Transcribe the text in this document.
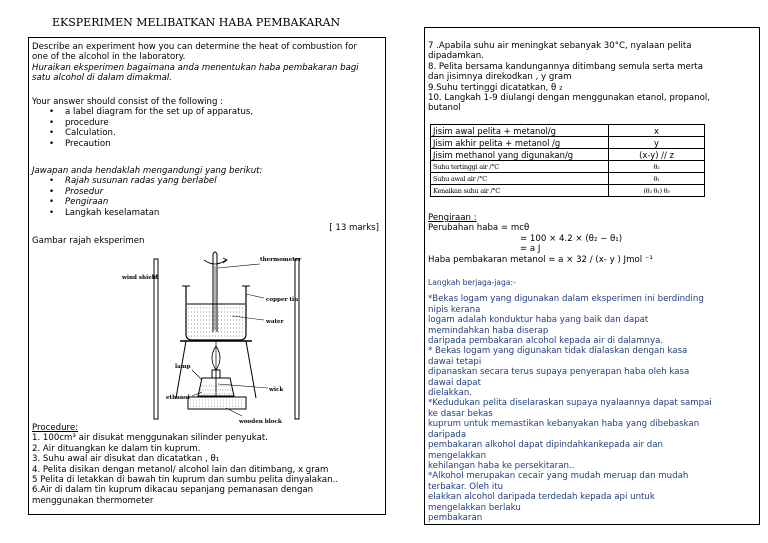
EKSPERIMEN MELIBATKAN HABA PEMBAKARAN
Describe an experiment how you can determine the heat of combustion for
one of the alcohol in the laboratory.
Huraikan eksperimen bagaimana anda menentukan haba pembakaran bagi
satu alcohol di dalam dimakmal.
Your answer should consist of the following :
• a label diagram for the set up of apparatus,
• procedure
• Calculation.
• Precaution
Jawapan anda hendaklah mengandungi yang berikut:
• Rajah susunan radas yang berlabel
• Prosedur
• Pengiraan
• Langkah keselamatan
[ 13 marks]
Gambar rajah eksperimen
thermometer
wind shield
copper tin
water
lamp
wick
ethanol
wooden block
Procedure:
1. 100cm³ air disukat menggunakan silinder penyukat.
2. Air dituangkan ke dalam tin kuprum.
3. Suhu awal air disukat dan dicatatkan , θ₁
4. Pelita disikan dengan metanol/ alcohol lain dan ditimbang, x gram
5 Pelita di letakkan di bawah tin kuprum dan sumbu pelita dinyalakan..
6.Air di dalam tin kuprum dikacau sepanjang pemanasan dengan
menggunakan thermometer
7 .Apabila suhu air meningkat sebanyak 30°C, nyalaan pelita
dipadamkan.
8. Pelita bersama kandungannya ditimbang semula serta merta
dan jisimnya direkodkan , y gram
9.Suhu tertinggi dicatatkan, θ ₂
10. Langkah 1-9 diulangi dengan menggunakan etanol, propanol,
butanol
Jisim awal pelita + metanol/g	x
Jisim akhir pelita + metanol /g	y
Jisim methanol yang digunakan/g	(x-y) // z
Suhu tertinggi air /°C	θ₂
Suhu awal air /°C	θ₁
Kenaikan suhu air /°C	(θ₂ θ₁) θ₃
Pengiraan :
Perubahan haba = mcθ
= 100 × 4.2 × (θ₂ − θ₁)
= a J
Haba pembakaran metanol = a × 32 / (x- y ) Jmol ⁻¹
Langkah berjaga-jaga:-
*Bekas logam yang digunakan dalam eksperimen ini berdinding
nipis kerana
logam adalah konduktur haba yang baik dan dapat
memindahkan haba diserap
daripada pembakaran alcohol kepada air di dalamnya.
* Bekas logam yang digunakan tidak dialaskan dengan kasa
dawai tetapi
dipanaskan secara terus supaya penyerapan haba oleh kasa
dawai dapat
dielakkan.
*Kedudukan pelita diselaraskan supaya nyalaannya dapat sampai
ke dasar bekas
kuprum untuk memastikan kebanyakan haba yang dibebaskan
daripada
pembakaran alkohol dapat dipindahkankepada air dan
mengelakkan
kehilangan haba ke persekitaran..
*Alkohol merupakan cecair yang mudah meruap dan mudah
terbakar. Oleh itu
elakkan alcohol daripada terdedah kepada api untuk
mengelakkan berlaku
pembakaran
